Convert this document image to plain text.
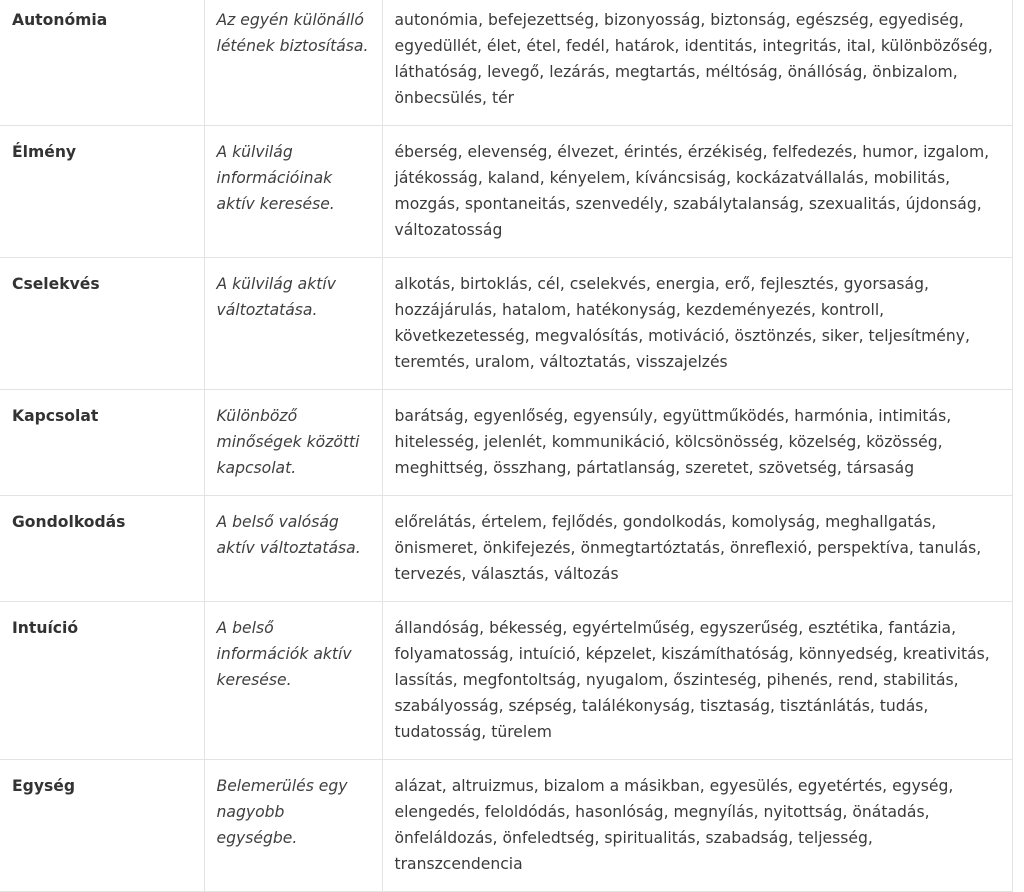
Autonómia	Az egyén különálló létének biztosítása.	autonómia, befejezettség, bizonyosság, biztonság, egészség, egyediség, egyedüllét, élet, étel, fedél, határok, identitás, integritás, ital, különbözőség, láthatóság, levegő, lezárás, megtartás, méltóság, önállóság, önbizalom, önbecsülés, tér
Élmény	A külvilág információinak aktív keresése.	éberség, elevenség, élvezet, érintés, érzékiség, felfedezés, humor, izgalom, játékosság, kaland, kényelem, kíváncsiság, kockázatvállalás, mobilitás, mozgás, spontaneitás, szenvedély, szabálytalanság, szexualitás, újdonság, változatosság
Cselekvés	A külvilág aktív változtatása.	alkotás, birtoklás, cél, cselekvés, energia, erő, fejlesztés, gyorsaság, hozzájárulás, hatalom, hatékonyság, kezdeményezés, kontroll, következetesség, megvalósítás, motiváció, ösztönzés, siker, teljesítmény, teremtés, uralom, változtatás, visszajelzés
Kapcsolat	Különböző minőségek közötti kapcsolat.	barátság, egyenlőség, egyensúly, együttműködés, harmónia, intimitás, hitelesség, jelenlét, kommunikáció, kölcsönösség, közelség, közösség, meghittség, összhang, pártatlanság, szeretet, szövetség, társaság
Gondolkodás	A belső valóság aktív változtatása.	előrelátás, értelem, fejlődés, gondolkodás, komolyság, meghallgatás, önismeret, önkifejezés, önmegtartóztatás, önreflexió, perspektíva, tanulás, tervezés, választás, változás
Intuíció	A belső információk aktív keresése.	állandóság, békesség, egyértelműség, egyszerűség, esztétika, fantázia, folyamatosság, intuíció, képzelet, kiszámíthatóság, könnyedség, kreativitás, lassítás, megfontoltság, nyugalom, őszinteség, pihenés, rend, stabilitás, szabályosság, szépség, találékonyság, tisztaság, tisztánlátás, tudás, tudatosság, türelem
Egység	Belemerülés egy nagyobb egységbe.	alázat, altruizmus, bizalom a másikban, egyesülés, egyetértés, egység, elengedés, feloldódás, hasonlóság, megnyílás, nyitottság, önátadás, önfeláldozás, önfeledtség, spiritualitás, szabadság, teljesség, transzcendencia
